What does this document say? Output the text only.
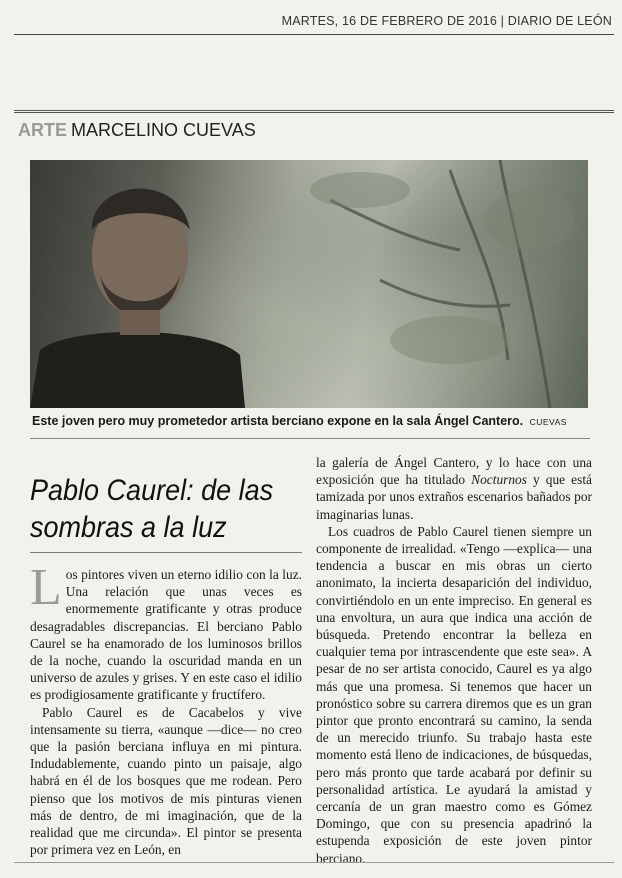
MARTES, 16 DE FEBRERO DE 2016 | DIARIO DE LEÓN
ARTE MARCELINO CUEVAS
Este joven pero muy prometedor artista berciano expone en la sala Ángel Cantero. CUEVAS
Pablo Caurel: de las sombras a la luz

Los pintores viven un eterno idilio con la luz. Una relación que unas veces es enormemente gratificante y otras produce desagradables discrepancias. El berciano Pablo Caurel se ha enamorado de los luminosos brillos de la noche, cuando la oscuridad manda en un universo de azules y grises. Y en este caso el idilio es prodigiosamente gratificante y fructífero.

Pablo Caurel es de Cacabelos y vive intensamente su tierra, «aunque —dice— no creo que la pasión berciana influya en mi pintura. Indudablemente, cuando pinto un paisaje, algo habrá en él de los bosques que me rodean. Pero pienso que los motivos de mis pinturas vienen más de dentro, de mi imaginación, que de la realidad que me circunda». El pintor se presenta por primera vez en León, en

la galería de Ángel Cantero, y lo hace con una exposición que ha titulado Nocturnos y que está tamizada por unos extraños escenarios bañados por imaginarias lunas.

Los cuadros de Pablo Caurel tienen siempre un componente de irrealidad. «Tengo —explica— una tendencia a buscar en mis obras un cierto anonimato, la incierta desaparición del individuo, convirtiéndolo en un ente impreciso. En general es una envoltura, un aura que indica una acción de búsqueda. Pretendo encontrar la belleza en cualquier tema por intrascendente que este sea». A pesar de no ser artista conocido, Caurel es ya algo más que una promesa. Si tenemos que hacer un pronóstico sobre su carrera diremos que es un gran pintor que pronto encontrará su camino, la senda de un merecido triunfo. Su trabajo hasta este momento está lleno de indicaciones, de búsquedas, pero más pronto que tarde acabará por definir su personalidad artística. Le ayudará la amistad y cercanía de un gran maestro como es Gómez Domingo, que con su presencia apadrinó la estupenda exposición de este joven pintor berciano.
